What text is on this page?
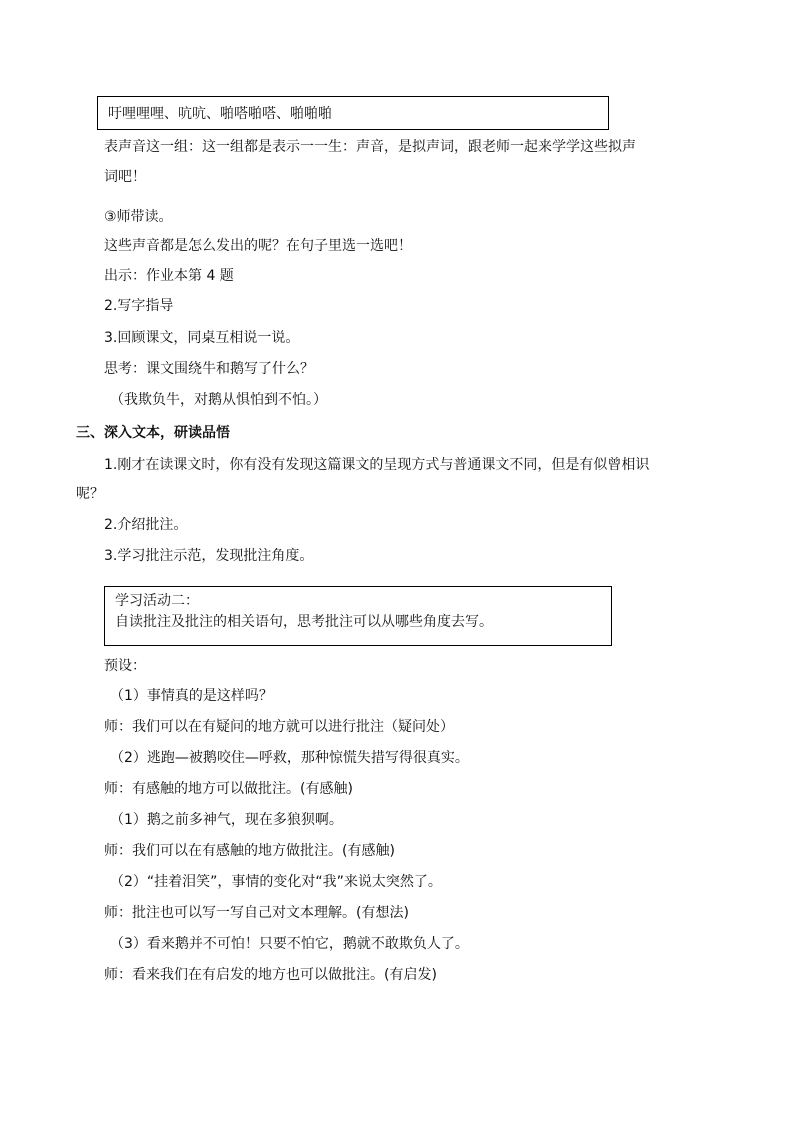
吁哩哩哩、吭吭、啪嗒啪嗒、啪啪啪
表声音这一组：这一组都是表示一一生：声音，是拟声词，跟老师一起来学学这些拟声
词吧！
③师带读。
这些声音都是怎么发出的呢？在句子里选一选吧！
出示：作业本第 4 题
2.写字指导
3.回顾课文，同桌互相说一说。
思考：课文围绕牛和鹅写了什么？
（我欺负牛，对鹅从惧怕到不怕。）
三、深入文本，研读品悟
1.刚才在读课文时，你有没有发现这篇课文的呈现方式与普通课文不同，但是有似曾相识
呢？
2.介绍批注。
3.学习批注示范，发现批注角度。
学习活动二：
自读批注及批注的相关语句，思考批注可以从哪些角度去写。
预设：
（1）事情真的是这样吗？
师：我们可以在有疑问的地方就可以进行批注（疑问处）
（2）逃跑—被鹅咬住—呼救，那种惊慌失措写得很真实。
师：有感触的地方可以做批注。(有感触)
（1）鹅之前多神气，现在多狼狈啊。
师：我们可以在有感触的地方做批注。(有感触)
（2）“挂着泪笑”，事情的变化对“我”来说太突然了。
师：批注也可以写一写自己对文本理解。(有想法)
（3）看来鹅并不可怕！只要不怕它，鹅就不敢欺负人了。
师：看来我们在有启发的地方也可以做批注。(有启发)
